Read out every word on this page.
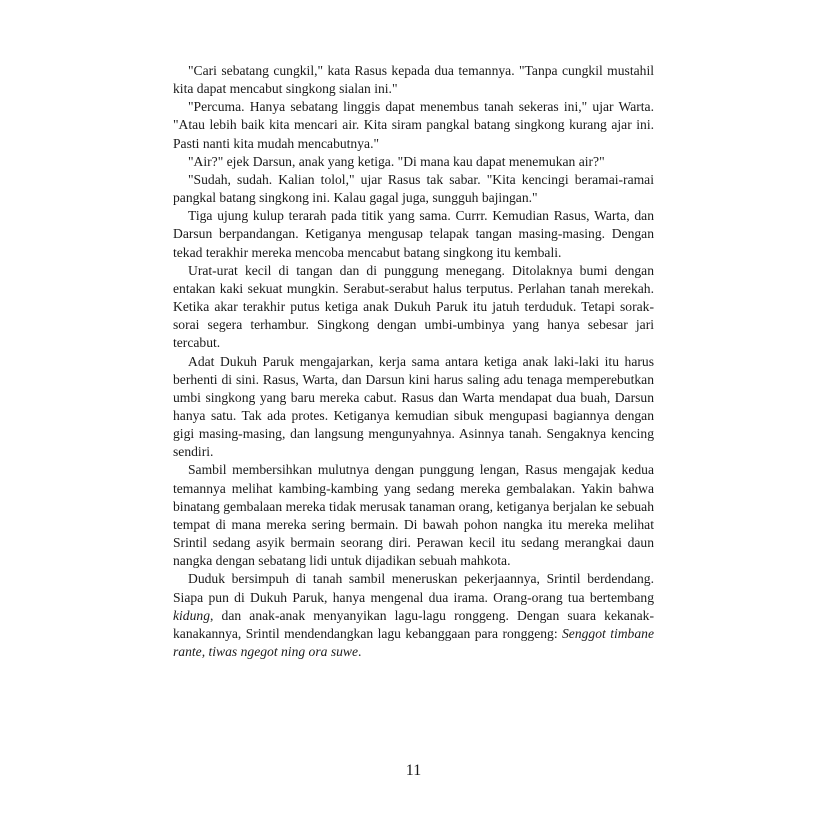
"Cari sebatang cungkil," kata Rasus kepada dua temannya. "Tanpa cungkil mustahil kita dapat mencabut singkong sialan ini."

"Percuma. Hanya sebatang linggis dapat menembus tanah sekeras ini," ujar Warta. "Atau lebih baik kita mencari air. Kita siram pangkal batang singkong kurang ajar ini. Pasti nanti kita mudah mencabutnya."

"Air?" ejek Darsun, anak yang ketiga. "Di mana kau dapat menemukan air?"

"Sudah, sudah. Kalian tolol," ujar Rasus tak sabar. "Kita kencingi beramai-ramai pangkal batang singkong ini. Kalau gagal juga, sungguh bajingan."

Tiga ujung kulup terarah pada titik yang sama. Currr. Kemudian Rasus, Warta, dan Darsun berpandangan. Ketiganya mengusap telapak tangan masing-masing. Dengan tekad terakhir mereka mencoba mencabut batang singkong itu kembali.

Urat-urat kecil di tangan dan di punggung menegang. Ditolaknya bumi dengan entakan kaki sekuat mungkin. Serabut-serabut halus terputus. Perlahan tanah merekah. Ketika akar terakhir putus ketiga anak Dukuh Paruk itu jatuh terduduk. Tetapi sorak-sorai segera terhambur. Singkong dengan umbi-umbinya yang hanya sebesar jari tercabut.

Adat Dukuh Paruk mengajarkan, kerja sama antara ketiga anak laki-laki itu harus berhenti di sini. Rasus, Warta, dan Darsun kini harus saling adu tenaga memperebutkan umbi singkong yang baru mereka cabut. Rasus dan Warta mendapat dua buah, Darsun hanya satu. Tak ada protes. Ketiganya kemudian sibuk mengupasi bagiannya dengan gigi masing-masing, dan langsung mengunyahnya. Asinnya tanah. Sengaknya kencing sendiri.

Sambil membersihkan mulutnya dengan punggung lengan, Rasus mengajak kedua temannya melihat kambing-kambing yang sedang mereka gembalakan. Yakin bahwa binatang gembalaan mereka tidak merusak tanaman orang, ketiganya berjalan ke sebuah tempat di mana mereka sering bermain. Di bawah pohon nangka itu mereka melihat Srintil sedang asyik bermain seorang diri. Perawan kecil itu sedang merangkai daun nangka dengan sebatang lidi untuk dijadikan sebuah mahkota.

Duduk bersimpuh di tanah sambil meneruskan pekerjaannya, Srintil berdendang. Siapa pun di Dukuh Paruk, hanya mengenal dua irama. Orang-orang tua bertembang kidung, dan anak-anak menyanyikan lagu-lagu ronggeng. Dengan suara kekanak-kanakannya, Srintil mendendangkan lagu kebanggaan para ronggeng: Senggot timbane rante, tiwas ngegot ning ora suwe.

11
